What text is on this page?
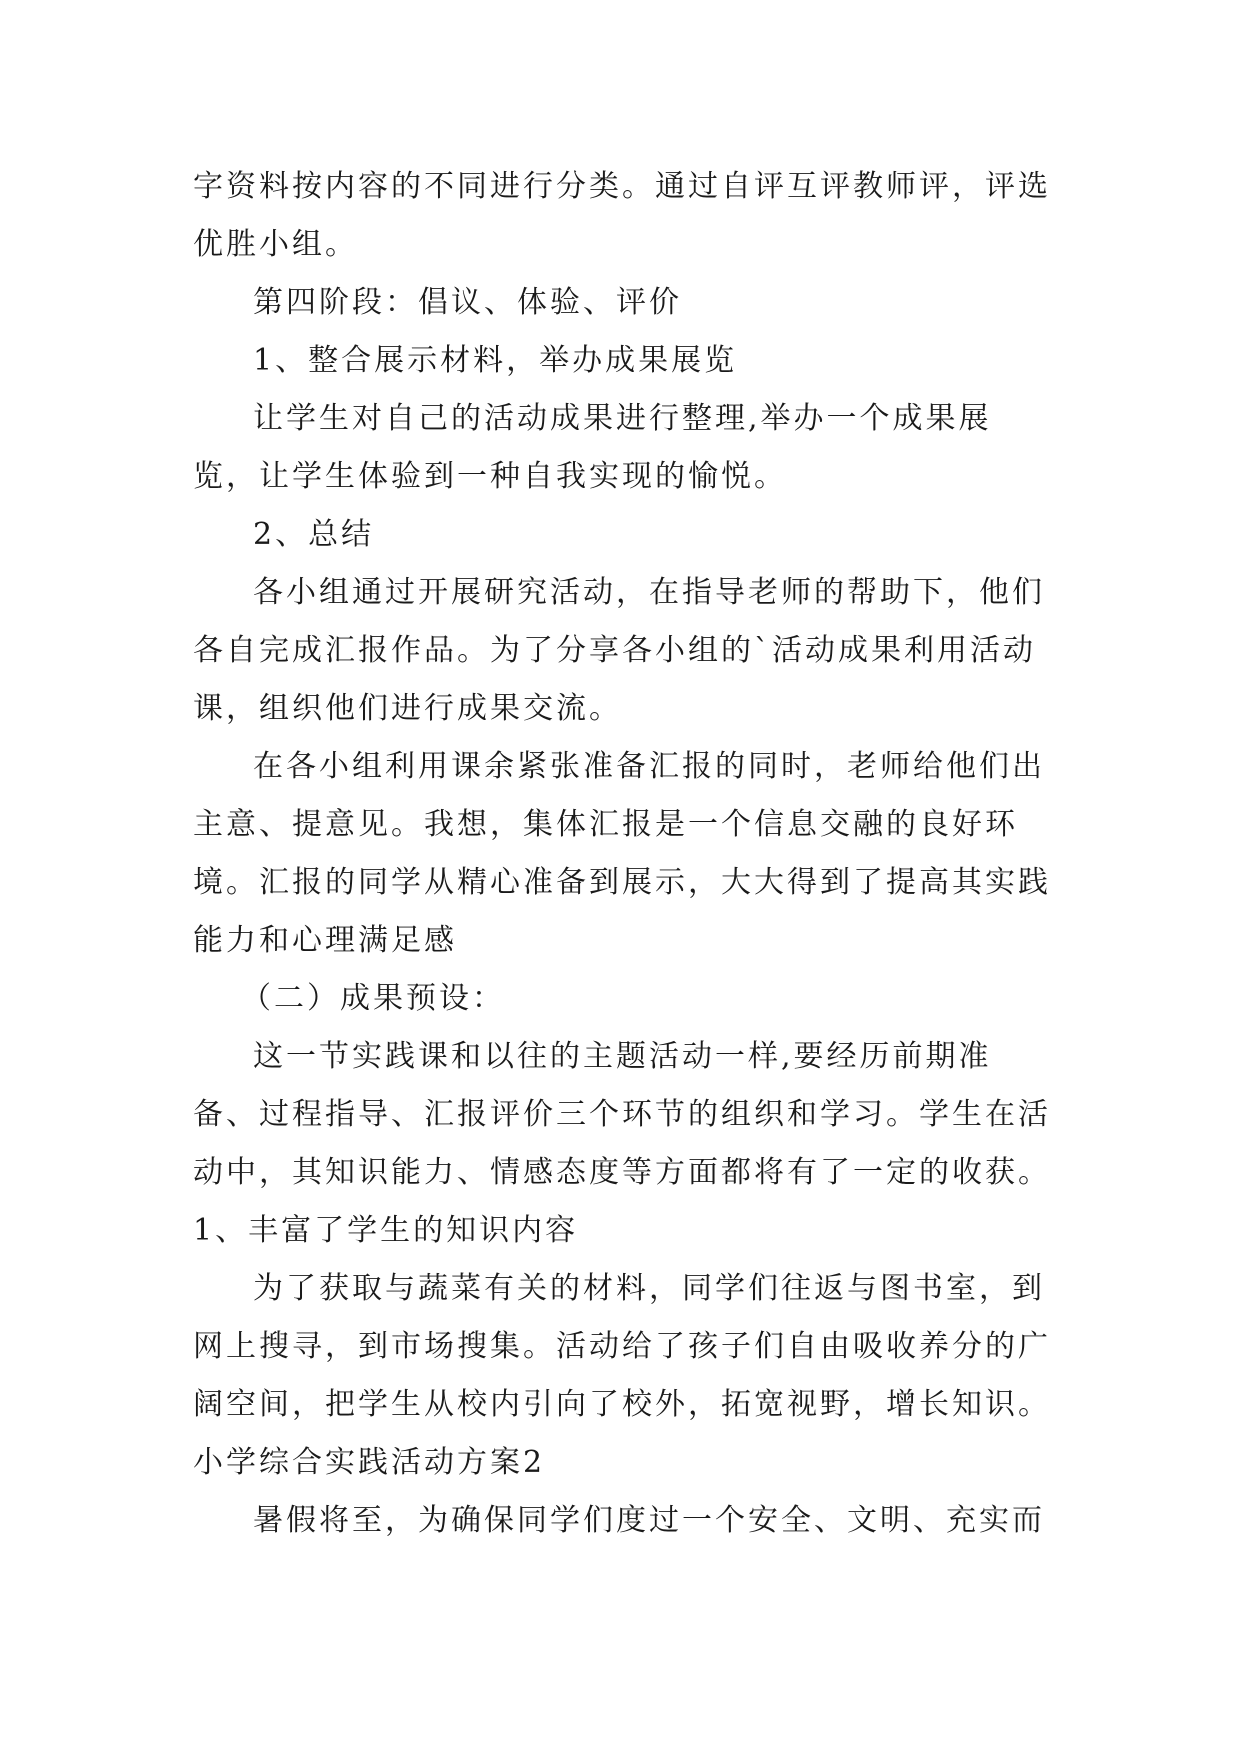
字资料按内容的不同进行分类。通过自评互评教师评，评选优胜小组。

第四阶段：倡议、体验、评价

1、整合展示材料，举办成果展览

让学生对自己的活动成果进行整理,举办一个成果展览，让学生体验到一种自我实现的愉悦。

2、总结

各小组通过开展研究活动，在指导老师的帮助下，他们各自完成汇报作品。为了分享各小组的`活动成果利用活动课，组织他们进行成果交流。

在各小组利用课余紧张准备汇报的同时，老师给他们出主意、提意见。我想，集体汇报是一个信息交融的良好环境。汇报的同学从精心准备到展示，大大得到了提高其实践能力和心理满足感

（二）成果预设：

这一节实践课和以往的主题活动一样,要经历前期准备、过程指导、汇报评价三个环节的组织和学习。学生在活动中，其知识能力、情感态度等方面都将有了一定的收获。1、丰富了学生的知识内容

为了获取与蔬菜有关的材料，同学们往返与图书室，到网上搜寻，到市场搜集。活动给了孩子们自由吸收养分的广阔空间，把学生从校内引向了校外，拓宽视野，增长知识。

小学综合实践活动方案2

暑假将至，为确保同学们度过一个安全、文明、充实而
